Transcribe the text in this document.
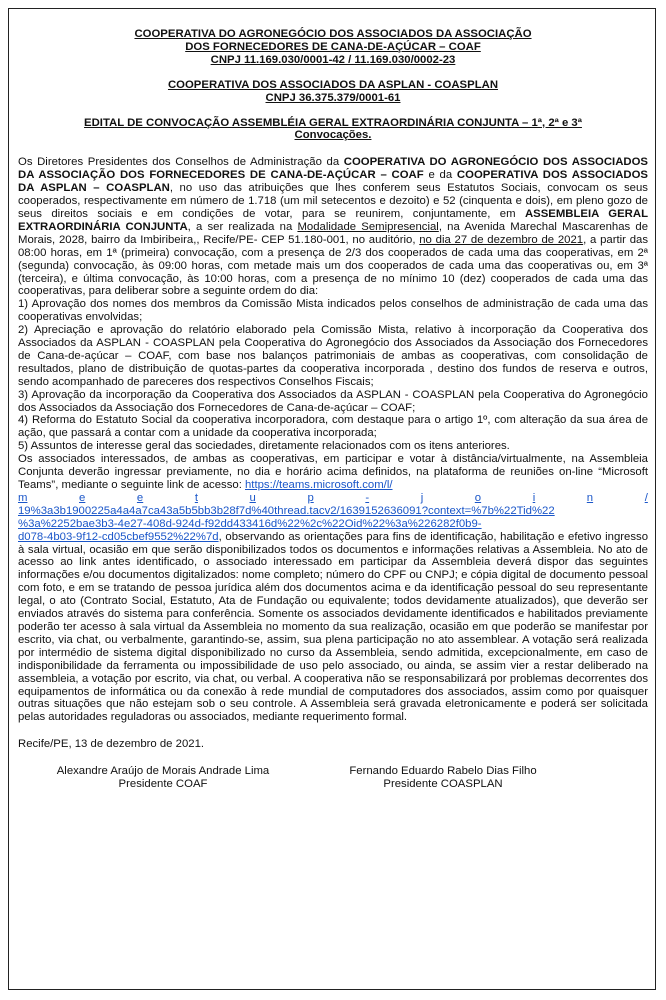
COOPERATIVA DO AGRONEGÓCIO DOS ASSOCIADOS DA ASSOCIAÇÃO

DOS FORNECEDORES DE CANA-DE-AÇÚCAR – COAF

CNPJ 11.169.030/0001-42 / 11.169.030/0002-23

COOPERATIVA DOS ASSOCIADOS DA ASPLAN - COASPLAN

CNPJ 36.375.379/0001-61

EDITAL DE CONVOCAÇÃO ASSEMBLÉIA GERAL EXTRAORDINÁRIA CONJUNTA – 1ª, 2ª e 3ª

Convocações.

Os Diretores Presidentes dos Conselhos de Administração da COOPERATIVA DO AGRONEGÓCIO DOS ASSOCIADOS DA ASSOCIAÇÃO DOS FORNECEDORES DE CANA-DE-AÇÚCAR – COAF e da COOPERATIVA DOS ASSOCIADOS DA ASPLAN – COASPLAN, no uso das atribuições que lhes conferem seus Estatutos Sociais, convocam os seus cooperados, respectivamente em número de 1.718 (um mil setecentos e dezoito) e 52 (cinquenta e dois), em pleno gozo de seus direitos sociais e em condições de votar, para se reunirem, conjuntamente, em ASSEMBLEIA GERAL EXTRAORDINÁRIA CONJUNTA, a ser realizada na Modalidade Semipresencial, na Avenida Marechal Mascarenhas de Morais, 2028, bairro da Imbiribeira,, Recife/PE- CEP 51.180-001, no auditório, no dia 27 de dezembro de 2021, a partir das 08:00 horas, em 1ª (primeira) convocação, com a presença de 2/3 dos cooperados de cada uma das cooperativas, em 2ª (segunda) convocação, às 09:00 horas, com metade mais um dos cooperados de cada uma das cooperativas ou, em 3ª (terceira), e última convocação, às 10:00 horas, com a presença de no mínimo 10 (dez) cooperados de cada uma das cooperativas, para deliberar sobre a seguinte ordem do dia:

1) Aprovação dos nomes dos membros da Comissão Mista indicados pelos conselhos de administração de cada uma das cooperativas envolvidas;

2) Apreciação e aprovação do relatório elaborado pela Comissão Mista, relativo à incorporação da Cooperativa dos Associados da ASPLAN - COASPLAN pela Cooperativa do Agronegócio dos Associados da Associação dos Fornecedores de Cana-de-açúcar – COAF, com base nos balanços patrimoniais de ambas as cooperativas, com consolidação de resultados, plano de distribuição de quotas-partes da cooperativa incorporada , destino dos fundos de reserva e outros, sendo acompanhado de pareceres dos respectivos Conselhos Fiscais;

3) Aprovação da incorporação da Cooperativa dos Associados da ASPLAN - COASPLAN pela Cooperativa do Agronegócio dos Associados da Associação dos Fornecedores de Cana-de-açúcar – COAF;

4) Reforma do Estatuto Social da cooperativa incorporadora, com destaque para o artigo 1º, com alteração da sua área de ação, que passará a contar com a unidade da cooperativa incorporada;

5) Assuntos de interesse geral das sociedades, diretamente relacionados com os itens anteriores.

Os associados interessados, de ambas as cooperativas, em participar e votar à distância/virtualmente, na Assembleia Conjunta deverão ingressar previamente, no dia e horário acima definidos, na plataforma de reuniões on-line “Microsoft Teams”, mediante o seguinte link de acesso: https://teams.microsoft.com/l/

m	e	e	t	u	p	-	j	o	i	n	/
19%3a3b1900225a4a4a7ca43a5b5bb3b28f7d%40thread.tacv2/1639152636091?context=%7b%22Tid%22
%3a%2252bae3b3-4e27-408d-924d-f92dd433416d%22%2c%22Oid%22%3a%226282f0b9-

d078-4b03-9f12-cd05cbef9552%22%7d, observando as orientações para fins de identificação, habilitação e efetivo ingresso à sala virtual, ocasião em que serão disponibilizados todos os documentos e informações relativas a Assembleia. No ato de acesso ao link antes identificado, o associado interessado em participar da Assembleia deverá dispor das seguintes informações e/ou documentos digitalizados: nome completo; número do CPF ou CNPJ; e cópia digital de documento pessoal com foto, e em se tratando de pessoa jurídica além dos documentos acima e da identificação pessoal do seu representante legal, o ato (Contrato Social, Estatuto, Ata de Fundação ou equivalente; todos devidamente atualizados), que deverão ser enviados através do sistema para conferência. Somente os associados devidamente identificados e habilitados previamente poderão ter acesso à sala virtual da Assembleia no momento da sua realização, ocasião em que poderão se manifestar por escrito, via chat, ou verbalmente, garantindo-se, assim, sua plena participação no ato assemblear. A votação será realizada por intermédio de sistema digital disponibilizado no curso da Assembleia, sendo admitida, excepcionalmente, em caso de indisponibilidade da ferramenta ou impossibilidade de uso pelo associado, ou ainda, se assim vier a restar deliberado na assembleia, a votação por escrito, via chat, ou verbal. A cooperativa não se responsabilizará por problemas decorrentes dos equipamentos de informática ou da conexão à rede mundial de computadores dos associados, assim como por quaisquer outras situações que não estejam sob o seu controle. A Assembleia será gravada eletronicamente e poderá ser solicitada pelas autoridades reguladoras ou associados, mediante requerimento formal.

Recife/PE, 13 de dezembro de 2021.

Alexandre Araújo de Morais Andrade Lima
Presidente COAF
Fernando Eduardo Rabelo Dias Filho
Presidente COASPLAN
